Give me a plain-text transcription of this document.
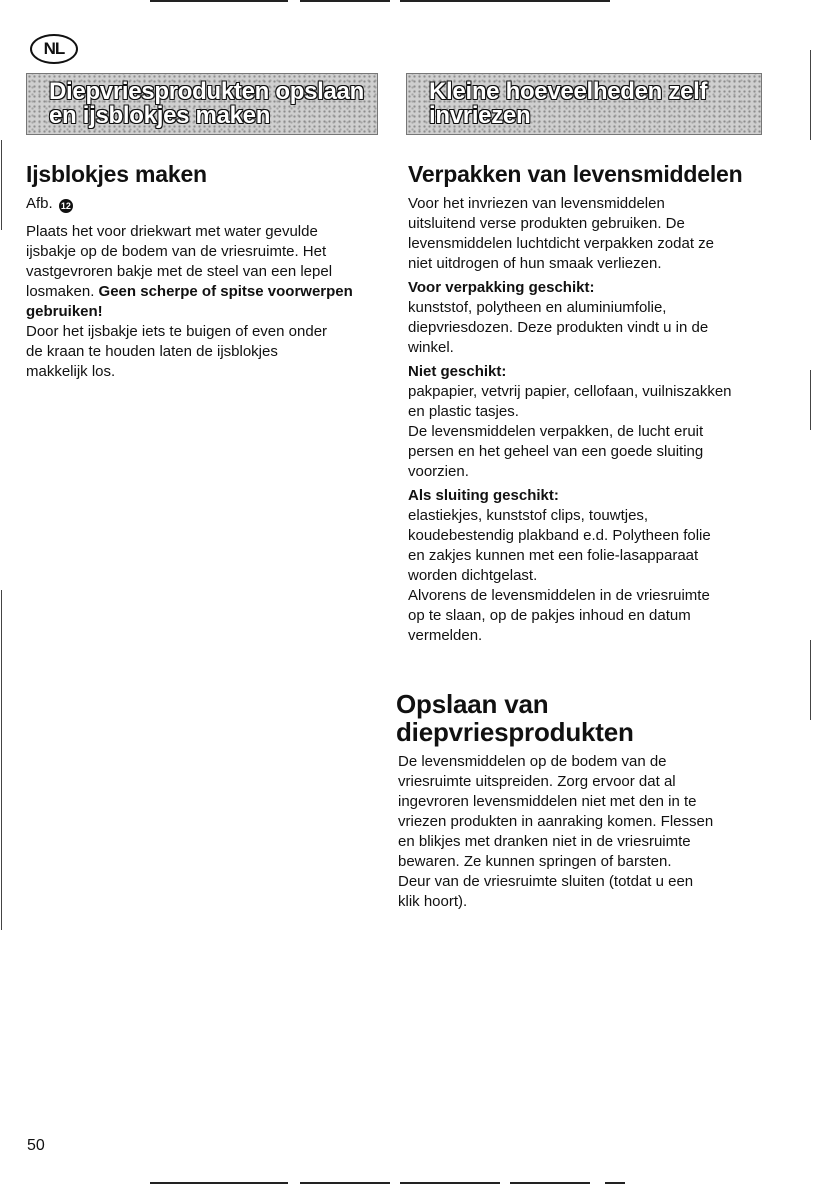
NL
Diepvriesprodukten opslaan
en ijsblokjes maken
Kleine hoeveelheden zelf
invriezen
Ijsblokjes maken

Afb. 12

Plaats het voor driekwart met water gevulde
ijsbakje op de bodem van de vriesruimte. Het
vastgevroren bakje met de steel van een lepel
losmaken. Geen scherpe of spitse voorwerpen
gebruiken!

Door het ijsbakje iets te buigen of even onder
de kraan te houden laten de ijsblokjes
makkelijk los.

Verpakken van levensmiddelen

Voor het invriezen van levensmiddelen
uitsluitend verse produkten gebruiken. De
levensmiddelen luchtdicht verpakken zodat ze
niet uitdrogen of hun smaak verliezen.

Voor verpakking geschikt:

kunststof, polytheen en aluminiumfolie,
diepvriesdozen. Deze produkten vindt u in de
winkel.

Niet geschikt:

pakpapier, vetvrij papier, cellofaan, vuilniszakken
en plastic tasjes.
De levensmiddelen verpakken, de lucht eruit
persen en het geheel van een goede sluiting
voorzien.

Als sluiting geschikt:

elastiekjes, kunststof clips, touwtjes,
koudebestendig plakband e.d. Polytheen folie
en zakjes kunnen met een folie-lasapparaat
worden dichtgelast.
Alvorens de levensmiddelen in de vriesruimte
op te slaan, op de pakjes inhoud en datum
vermelden.

Opslaan van
diepvriesprodukten

De levensmiddelen op de bodem van de
vriesruimte uitspreiden. Zorg ervoor dat al
ingevroren levensmiddelen niet met den in te
vriezen produkten in aanraking komen. Flessen
en blikjes met dranken niet in de vriesruimte
bewaren. Ze kunnen springen of barsten.
Deur van de vriesruimte sluiten (totdat u een
klik hoort).

50
